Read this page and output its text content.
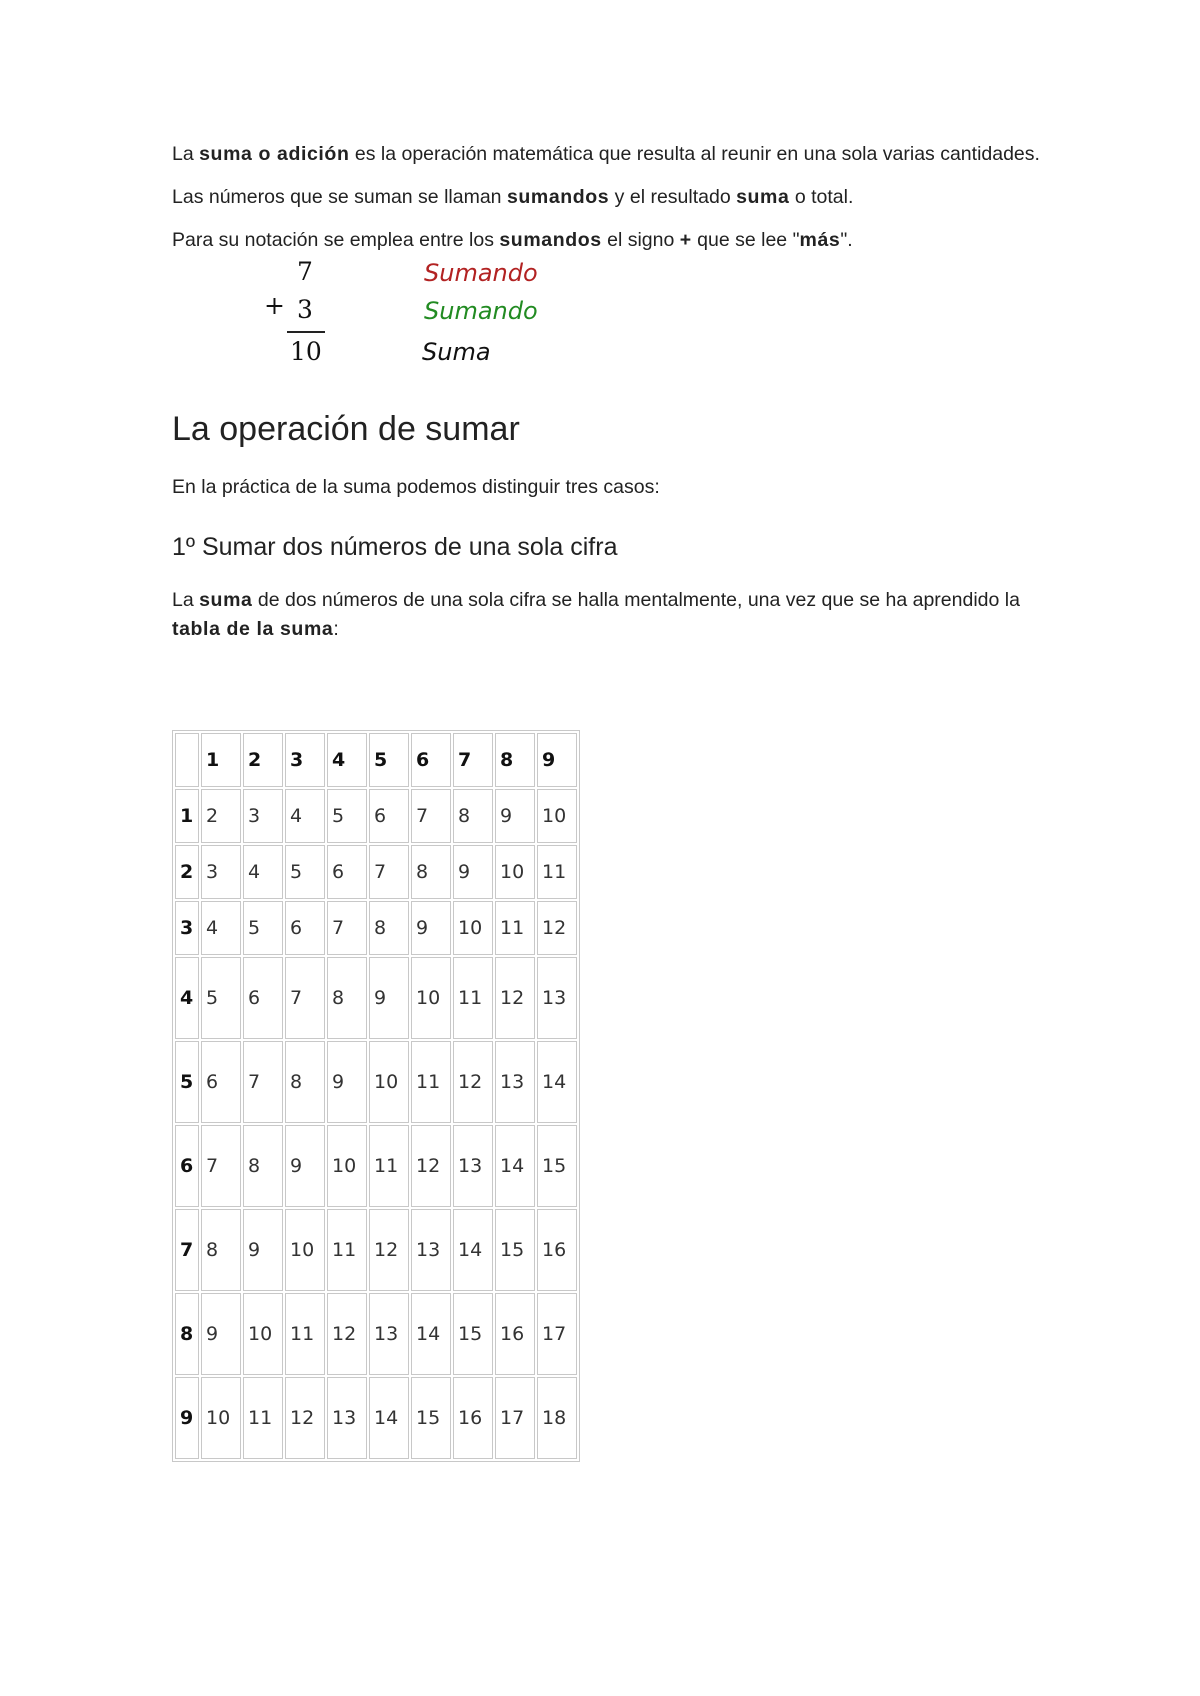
La suma o adición es la operación matemática que resulta al reunir en una sola varias cantidades.

Las números que se suman se llaman sumandos y el resultado suma o total.

Para su notación se emplea entre los sumandos el signo + que se lee "más".

+
7
3
10
Sumando
Sumando
Suma
La operación de sumar

En la práctica de la suma podemos distinguir tres casos:

1º Sumar dos números de una sola cifra

La suma de dos números de una sola cifra se halla mentalmente, una vez que se ha aprendido la tabla de la suma:

	1	2	3	4	5	6	7	8	9
1	2	3	4	5	6	7	8	9	10
2	3	4	5	6	7	8	9	10	11
3	4	5	6	7	8	9	10	11	12
4	5	6	7	8	9	10	11	12	13
5	6	7	8	9	10	11	12	13	14
6	7	8	9	10	11	12	13	14	15
7	8	9	10	11	12	13	14	15	16
8	9	10	11	12	13	14	15	16	17
9	10	11	12	13	14	15	16	17	18
